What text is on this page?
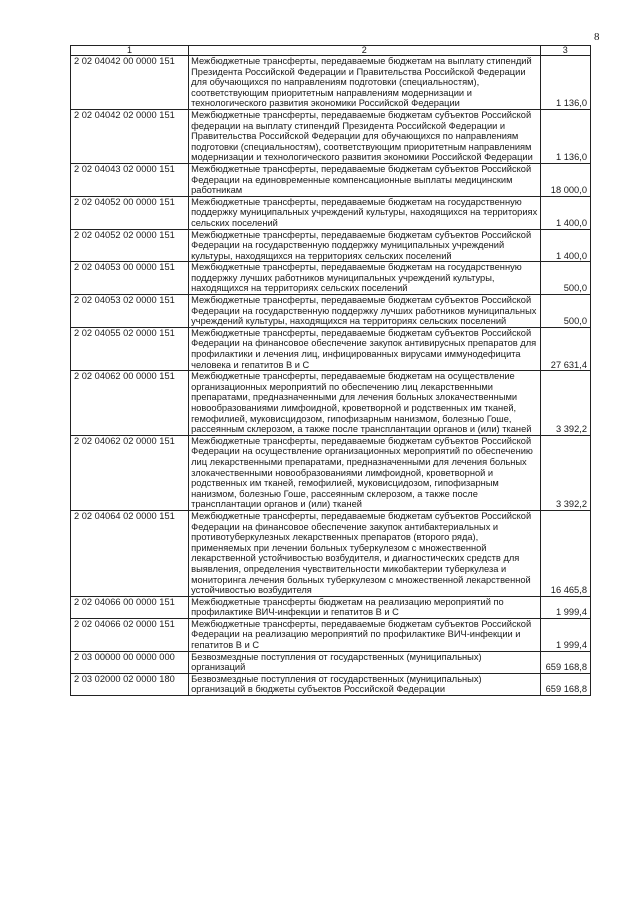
8
1	2	3
2 02 04042 00 0000 151	Межбюджетные трансферты, передаваемые бюджетам на выплату стипендий Президента Российской Федерации и Правительства Российской Федерации для обучающихся по направлениям подготовки (специальностям), соответствующим приоритетным направлениям модернизации и технологического развития экономики Российской Федерации	1 136,0
2 02 04042 02 0000 151	Межбюджетные трансферты, передаваемые бюджетам субъектов Российской федерации на выплату стипендий Президента Российской Федерации и Правительства Российской Федерации для обучающихся по направлениям подготовки (специальностям), соответствующим приоритетным направлениям модернизации и технологического развития экономики Российской Федерации	1 136,0
2 02 04043 02 0000 151	Межбюджетные трансферты, передаваемые бюджетам субъектов Российской Федерации на единовременные компенсационные выплаты медицинским работникам	18 000,0
2 02 04052 00 0000 151	Межбюджетные трансферты, передаваемые бюджетам на государственную поддержку муниципальных учреждений культуры, находящихся на территориях сельских поселений	1 400,0
2 02 04052 02 0000 151	Межбюджетные трансферты, передаваемые бюджетам субъектов Российской Федерации на государственную поддержку муниципальных учреждений культуры, находящихся на территориях сельских поселений	1 400,0
2 02 04053 00 0000 151	Межбюджетные трансферты, передаваемые бюджетам на государственную поддержку лучших работников муниципальных учреждений культуры, находящихся на территориях сельских поселений	500,0
2 02 04053 02 0000 151	Межбюджетные трансферты, передаваемые бюджетам субъектов Российской Федерации на государственную поддержку лучших работников муниципальных учреждений культуры, находящихся на территориях сельских поселений	500,0
2 02 04055 02 0000 151	Межбюджетные трансферты, передаваемые бюджетам субъектов Российской Федерации на финансовое обеспечение закупок антивирусных препаратов для профилактики и лечения лиц, инфицированных вирусами иммунодефицита человека и гепатитов В и С	27 631,4
2 02 04062 00 0000 151	Межбюджетные трансферты, передаваемые бюджетам на осуществление организационных мероприятий по обеспечению лиц лекарственными препаратами, предназначенными для лечения больных злокачественными новообразованиями лимфоидной, кроветворной и родственных им тканей, гемофилией, муковисцидозом, гипофизарным нанизмом, болезнью Гоше, рассеянным склерозом, а также после трансплантации органов и (или) тканей	3 392,2
2 02 04062 02 0000 151	Межбюджетные трансферты, передаваемые бюджетам субъектов Российской Федерации на осуществление организационных мероприятий по обеспечению лиц лекарственными препаратами, предназначенными для лечения больных злокачественными новообразованиями лимфоидной, кроветворной и родственных им тканей, гемофилией, муковисцидозом, гипофизарным нанизмом, болезнью Гоше, рассеянным склерозом, а также после трансплантации органов и (или) тканей	3 392,2
2 02 04064 02 0000 151	Межбюджетные трансферты, передаваемые бюджетам субъектов Российской Федерации на финансовое обеспечение закупок антибактериальных и противотуберкулезных лекарственных препаратов (второго ряда), применяемых при лечении больных туберкулезом с множественной лекарственной устойчивостью возбудителя, и диагностических средств для выявления, определения чувствительности микобактерии туберкулеза и мониторинга лечения больных туберкулезом с множественной лекарственной устойчивостью возбудителя	16 465,8
2 02 04066 00 0000 151	Межбюджетные трансферты бюджетам на реализацию мероприятий по профилактике ВИЧ-инфекции и гепатитов В и С	1 999,4
2 02 04066 02 0000 151	Межбюджетные трансферты, передаваемые бюджетам субъектов Российской Федерации на реализацию мероприятий по профилактике ВИЧ-инфекции и гепатитов В и С	1 999,4
2 03 00000 00 0000 000	Безвозмездные поступления от государственных (муниципальных) организаций	659 168,8
2 03 02000 02 0000 180	Безвозмездные поступления от государственных (муниципальных) организаций в бюджеты субъектов Российской Федерации	659 168,8
